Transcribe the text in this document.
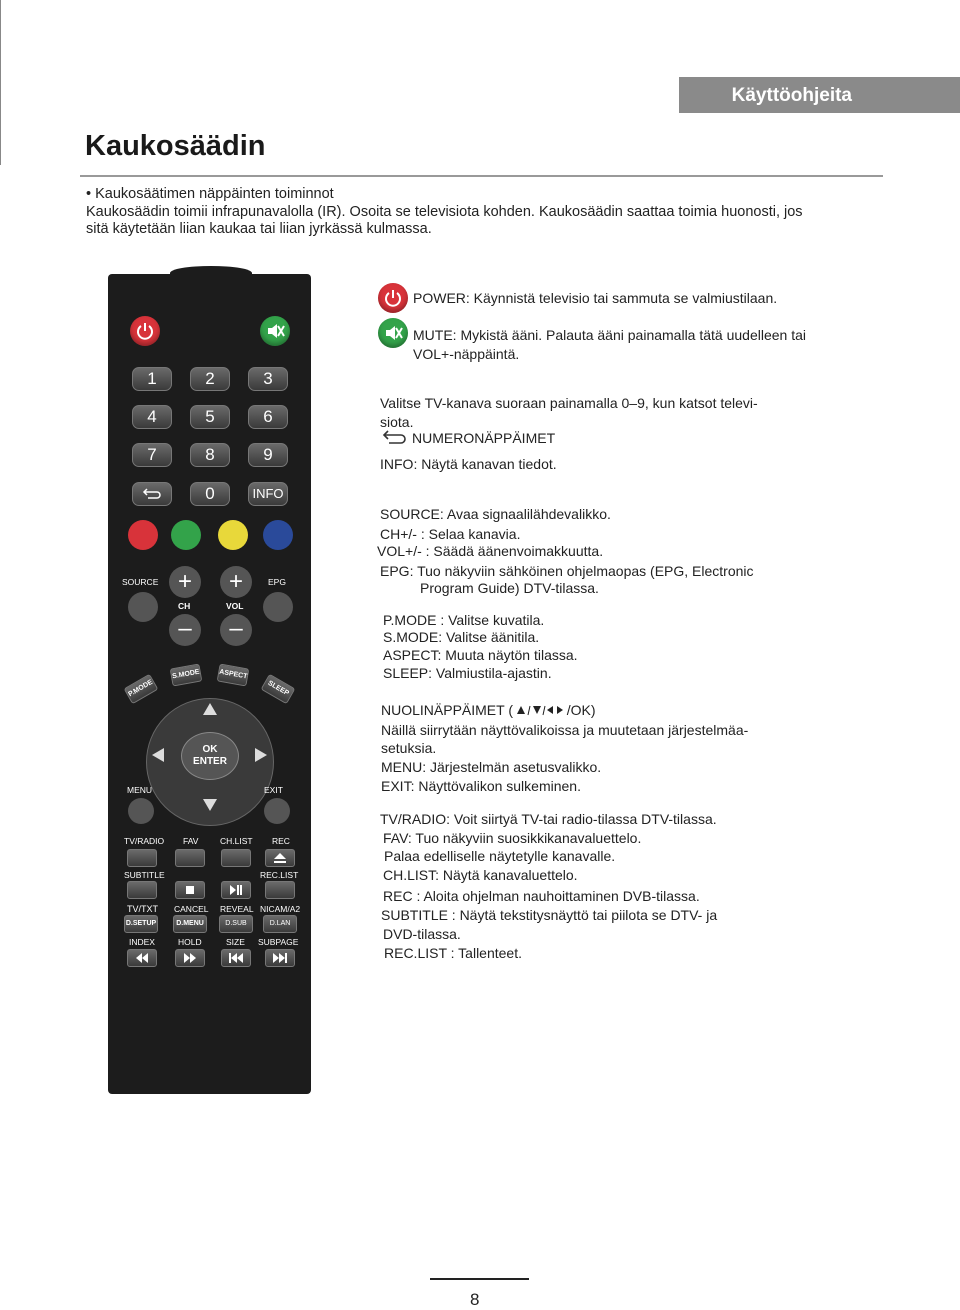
Käyttöohjeita
Kaukosäädin
• Kaukosäätimen näppäinten toiminnot
Kaukosäädin toimii infrapunavalolla (IR). Osoita se televisiota kohden. Kaukosäädin saattaa toimia huonosti, jos
sitä käytetään liian kaukaa tai liian jyrkässä kulmassa.
1	2	3
4	5	6
7	8	9
0	INFO
SOURCE	EPG
+
CH
–
+
VOL
–
P.MODE
S.MODE	ASPECT
SLEEP
OK
ENTER
MENU	EXIT
TV/RADIO FAV	CH.LIST REC
SUBTITLE	REC.LIST
TV/TXT CANCEL REVEAL NICAM/A2
D.SETUP	D.MENU	D.SUB	D.LAN
INDEX	HOLD	SIZE SUBPAGE
POWER: Käynnistä televisio tai sammuta se valmiustilaan.
MUTE: Mykistä ääni. Palauta ääni painamalla tätä uudelleen tai
VOL+-näppäintä.
Valitse TV-kanava suoraan painamalla 0–9, kun katsot televi-
siota.
NUMERONÄPPÄIMET
INFO: Näytä kanavan tiedot.
SOURCE: Avaa signaalilähdevalikko.
CH+/- : Selaa kanavia.
VOL+/- : Säädä äänenvoimakkuutta.
EPG: Tuo näkyviin sähköinen ohjelmaopas (EPG, Electronic
Program Guide) DTV-tilassa.
P.MODE : Valitse kuvatila.
S.MODE: Valitse äänitila.
ASPECT: Muuta näytön tilassa.
SLEEP: Valmiustila-ajastin.
NUOLINÄPPÄIMET (	/OK)
Näillä siirrytään näyttövalikoissa ja muutetaan järjestelmäa-
setuksia.
MENU: Järjestelmän asetusvalikko.
EXIT: Näyttövalikon sulkeminen.
TV/RADIO: Voit siirtyä TV-tai radio-tilassa DTV-tilassa.
FAV: Tuo näkyviin suosikkikanavaluettelo.
Palaa edelliselle näytetylle kanavalle.
CH.LIST: Näytä kanavaluettelo.
REC : Aloita ohjelman nauhoittaminen DVB-tilassa.
SUBTITLE : Näytä tekstitysnäyttö tai piilota se DTV- ja
DVD-tilassa.
REC.LIST : Tallenteet.
8
